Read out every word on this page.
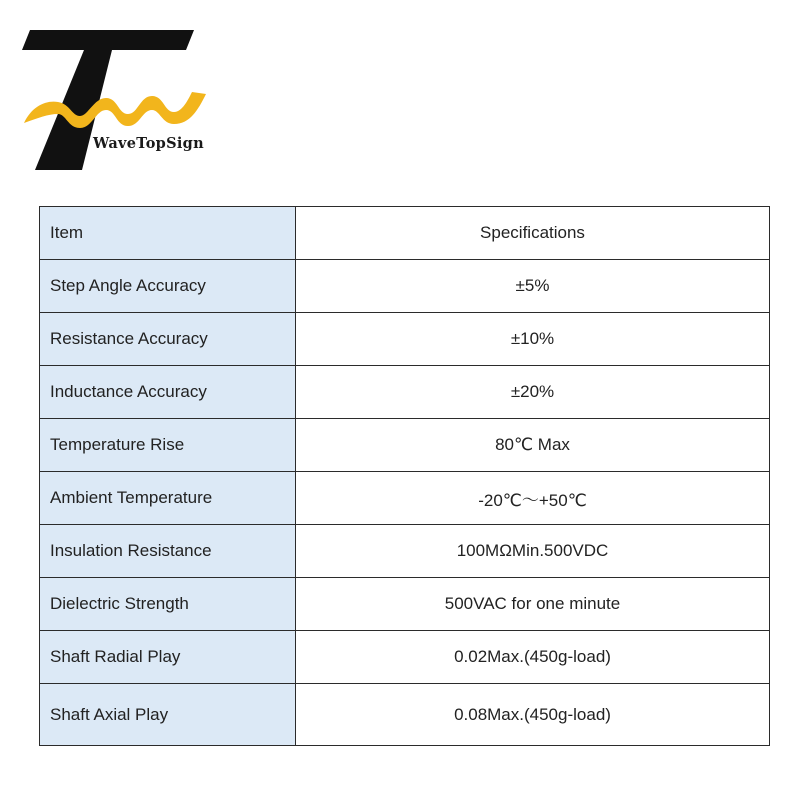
WaveTopSign
Item	Specifications
Step Angle Accuracy	±5%
Resistance Accuracy	±10%
Inductance Accuracy	±20%
Temperature Rise	80℃ Max
Ambient Temperature	-20℃～+50℃
Insulation Resistance	100MΩMin.500VDC
Dielectric Strength	500VAC for one minute
Shaft Radial Play	0.02Max.(450g-load)
Shaft Axial Play	0.08Max.(450g-load)
